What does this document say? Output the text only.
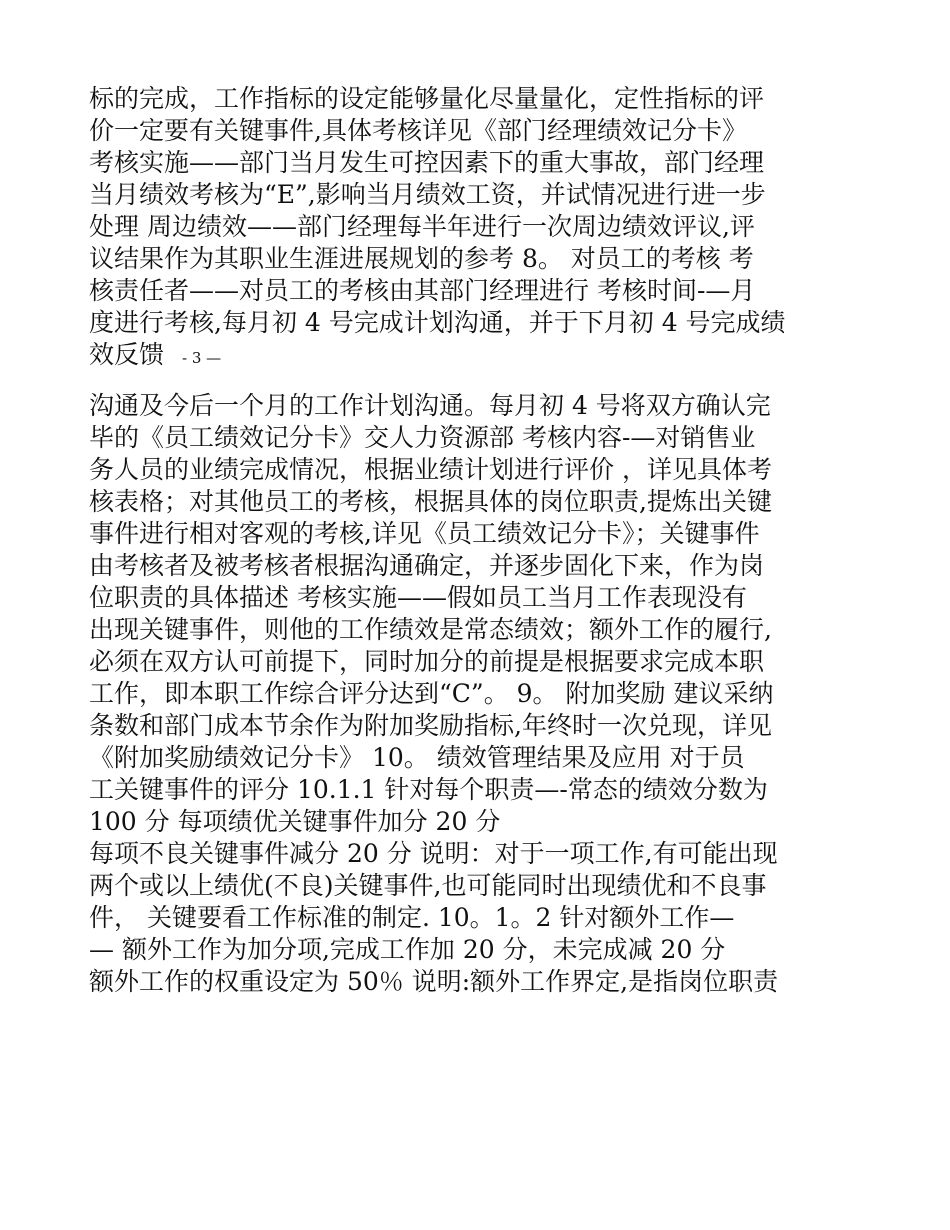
标的完成，工作指标的设定能够量化尽量量化，定性指标的评
价一定要有关键事件,具体考核详见《部门经理绩效记分卡》
考核实施——部门当月发生可控因素下的重大事故，部门经理
当月绩效考核为“E”,影响当月绩效工资，并试情况进行进一步
处理 周边绩效——部门经理每半年进行一次周边绩效评议,评
议结果作为其职业生涯进展规划的参考 8。 对员工的考核 考
核责任者——对员工的考核由其部门经理进行 考核时间-—月
度进行考核,每月初 4 号完成计划沟通，并于下月初 4 号完成绩
效反馈 - 3 —
沟通及今后一个月的工作计划沟通。每月初 4 号将双方确认完
毕的《员工绩效记分卡》交人力资源部 考核内容-—对销售业
务人员的业绩完成情况，根据业绩计划进行评价 ，详见具体考
核表格；对其他员工的考核，根据具体的岗位职责,提炼出关键
事件进行相对客观的考核,详见《员工绩效记分卡》；关键事件
由考核者及被考核者根据沟通确定，并逐步固化下来，作为岗
位职责的具体描述 考核实施——假如员工当月工作表现没有
出现关键事件，则他的工作绩效是常态绩效；额外工作的履行,
必须在双方认可前提下，同时加分的前提是根据要求完成本职
工作，即本职工作综合评分达到“C”。 9。 附加奖励 建议采纳
条数和部门成本节余作为附加奖励指标,年终时一次兑现，详见
《附加奖励绩效记分卡》 10。 绩效管理结果及应用 对于员
工关键事件的评分 10.1.1 针对每个职责—-常态的绩效分数为
100 分 每项绩优关键事件加分 20 分
每项不良关键事件减分 20 分 说明：对于一项工作,有可能出现
两个或以上绩优(不良)关键事件,也可能同时出现绩优和不良事
件， 关键要看工作标准的制定. 10。1。2 针对额外工作—
— 额外工作为加分项,完成工作加 20 分，未完成减 20 分
额外工作的权重设定为 50％ 说明:额外工作界定,是指岗位职责
